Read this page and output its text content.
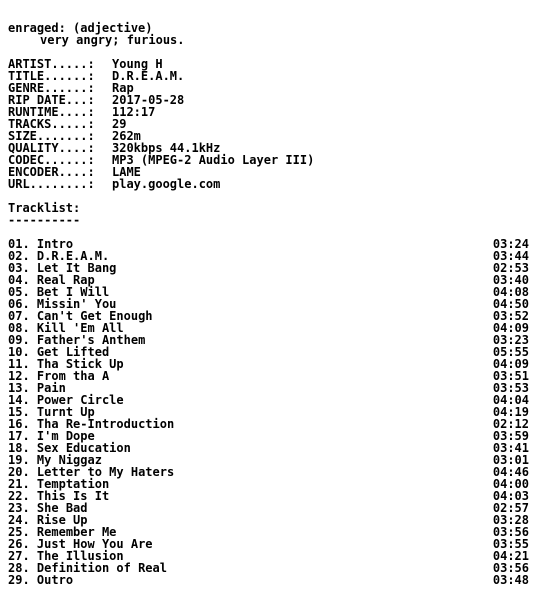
enraged: (adjective)
very angry; furious.
ARTIST.....:	Young H
TITLE......:	D.R.E.A.M.
GENRE......:	Rap
RIP DATE...:	2017-05-28
RUNTIME....:	112:17
TRACKS.....:	29
SIZE.......:	262m
QUALITY....:	320kbps 44.1kHz
CODEC......:	MP3 (MPEG-2 Audio Layer III)
ENCODER....:	LAME
URL........:	play.google.com
Tracklist:
----------
01. Intro	03:24
02. D.R.E.A.M.	03:44
03. Let It Bang	02:53
04. Real Rap	03:40
05. Bet I Will	04:08
06. Missin' You	04:50
07. Can't Get Enough	03:52
08. Kill 'Em All	04:09
09. Father's Anthem	03:23
10. Get Lifted	05:55
11. Tha Stick Up	04:09
12. From tha A	03:51
13. Pain	03:53
14. Power Circle	04:04
15. Turnt Up	04:19
16. Tha Re-Introduction	02:12
17. I'm Dope	03:59
18. Sex Education	03:41
19. My Niggaz	03:01
20. Letter to My Haters	04:46
21. Temptation	04:00
22. This Is It	04:03
23. She Bad	02:57
24. Rise Up	03:28
25. Remember Me	03:56
26. Just How You Are	03:55
27. The Illusion	04:21
28. Definition of Real	03:56
29. Outro	03:48
